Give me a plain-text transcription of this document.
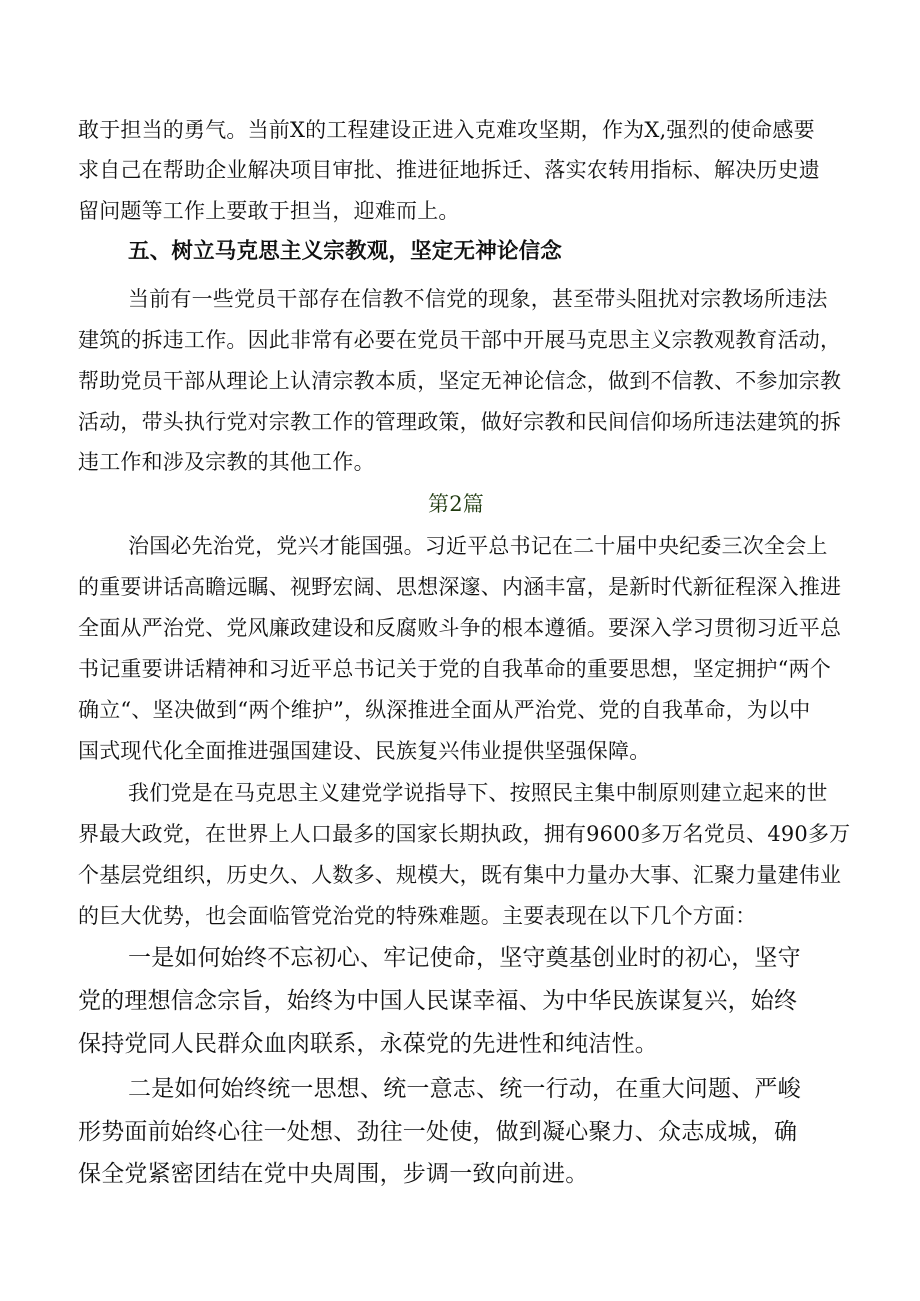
敢于担当的勇气。当前X的工程建设正进入克难攻坚期，作为X,强烈的使命感要
求自己在帮助企业解决项目审批、推进征地拆迁、落实农转用指标、解决历史遗
留问题等工作上要敢于担当，迎难而上。
五、树立马克思主义宗教观，坚定无神论信念
当前有一些党员干部存在信教不信党的现象，甚至带头阻扰对宗教场所违法
建筑的拆违工作。因此非常有必要在党员干部中开展马克思主义宗教观教育活动，
帮助党员干部从理论上认清宗教本质，坚定无神论信念，做到不信教、不参加宗教
活动，带头执行党对宗教工作的管理政策，做好宗教和民间信仰场所违法建筑的拆
违工作和涉及宗教的其他工作。
第2篇
治国必先治党，党兴才能国强。习近平总书记在二十届中央纪委三次全会上
的重要讲话高瞻远瞩、视野宏阔、思想深邃、内涵丰富，是新时代新征程深入推进
全面从严治党、党风廉政建设和反腐败斗争的根本遵循。要深入学习贯彻习近平总
书记重要讲话精神和习近平总书记关于党的自我革命的重要思想，坚定拥护“两个
确立“、坚决做到“两个维护”，纵深推进全面从严治党、党的自我革命，为以中
国式现代化全面推进强国建设、民族复兴伟业提供坚强保障。
我们党是在马克思主义建党学说指导下、按照民主集中制原则建立起来的世
界最大政党，在世界上人口最多的国家长期执政，拥有9600多万名党员、490多万
个基层党组织，历史久、人数多、规模大，既有集中力量办大事、汇聚力量建伟业
的巨大优势，也会面临管党治党的特殊难题。主要表现在以下几个方面：
一是如何始终不忘初心、牢记使命，坚守奠基创业时的初心，坚守
党的理想信念宗旨，始终为中国人民谋幸福、为中华民族谋复兴，始终
保持党同人民群众血肉联系，永葆党的先进性和纯洁性。
二是如何始终统一思想、统一意志、统一行动，在重大问题、严峻
形势面前始终心往一处想、劲往一处使，做到凝心聚力、众志成城，确
保全党紧密团结在党中央周围，步调一致向前进。
